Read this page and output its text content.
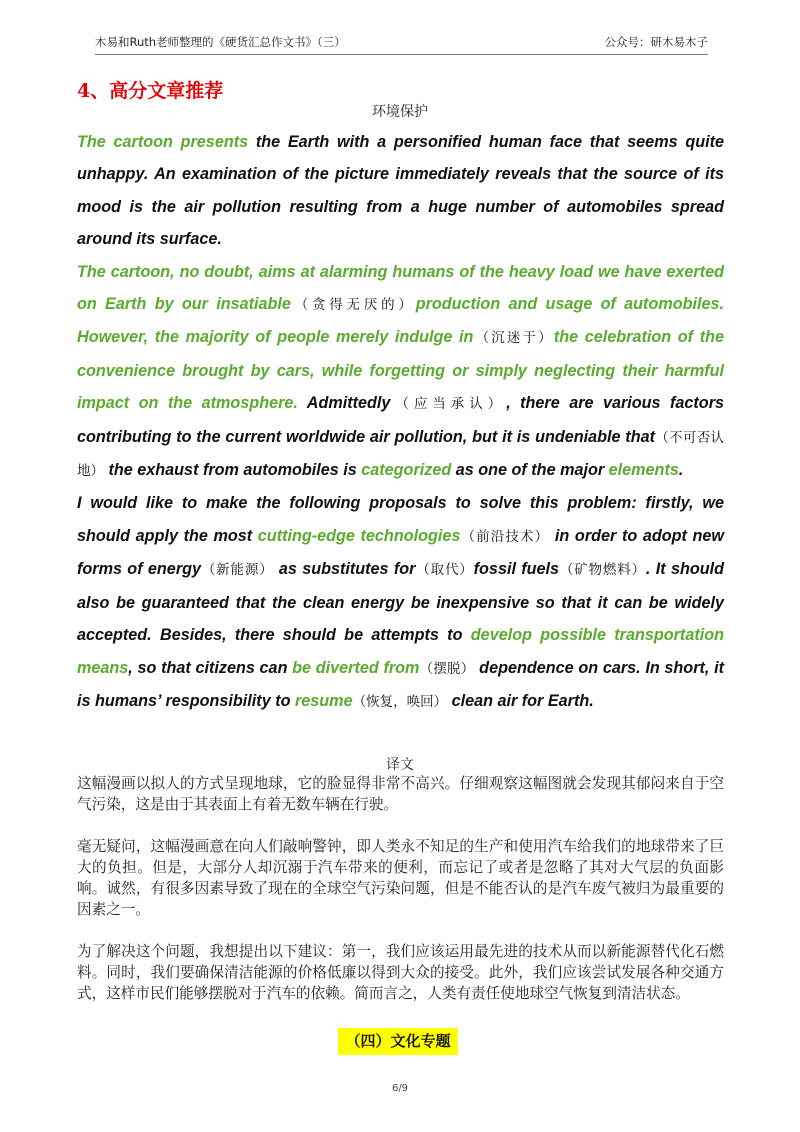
木易和Ruth老师整理的《硬货汇总作文书》（三）	公众号：研木易木子
4、高分文章推荐
环境保护

The cartoon presents the Earth with a personified human face that seems quite unhappy. An examination of the picture immediately reveals that the source of its mood is the air pollution resulting from a huge number of automobiles spread around its surface.

The cartoon, no doubt, aims at alarming humans of the heavy load we have exerted on Earth by our insatiable（贪得无厌的）production and usage of automobiles. However, the majority of people merely indulge in（沉迷于）the celebration of the convenience brought by cars, while forgetting or simply neglecting their harmful impact on the atmosphere. Admittedly（应当承认）, there are various factors contributing to the current worldwide air pollution, but it is undeniable that（不可否认地） the exhaust from automobiles is categorized as one of the major elements.

I would like to make the following proposals to solve this problem: firstly, we should apply the most cutting-edge technologies（前沿技术） in order to adopt new forms of energy（新能源） as substitutes for（取代）fossil fuels（矿物燃料）. It should also be guaranteed that the clean energy be inexpensive so that it can be widely accepted. Besides, there should be attempts to develop possible transportation means, so that citizens can be diverted from（摆脱） dependence on cars. In short, it is humans’ responsibility to resume（恢复，唤回） clean air for Earth.

译文

这幅漫画以拟人的方式呈现地球，它的脸显得非常不高兴。仔细观察这幅图就会发现其郁闷来自于空气污染，这是由于其表面上有着无数车辆在行驶。

毫无疑问，这幅漫画意在向人们敲响警钟，即人类永不知足的生产和使用汽车给我们的地球带来了巨大的负担。但是，大部分人却沉溺于汽车带来的便利，而忘记了或者是忽略了其对大气层的负面影响。诚然，有很多因素导致了现在的全球空气污染问题，但是不能否认的是汽车废气被归为最重要的因素之一。

为了解决这个问题，我想提出以下建议：第一，我们应该运用最先进的技术从而以新能源替代化石燃料。同时，我们要确保清洁能源的价格低廉以得到大众的接受。此外，我们应该尝试发展各种交通方式，这样市民们能够摆脱对于汽车的依赖。简而言之，人类有责任使地球空气恢复到清洁状态。

（四）文化专题
6/9
